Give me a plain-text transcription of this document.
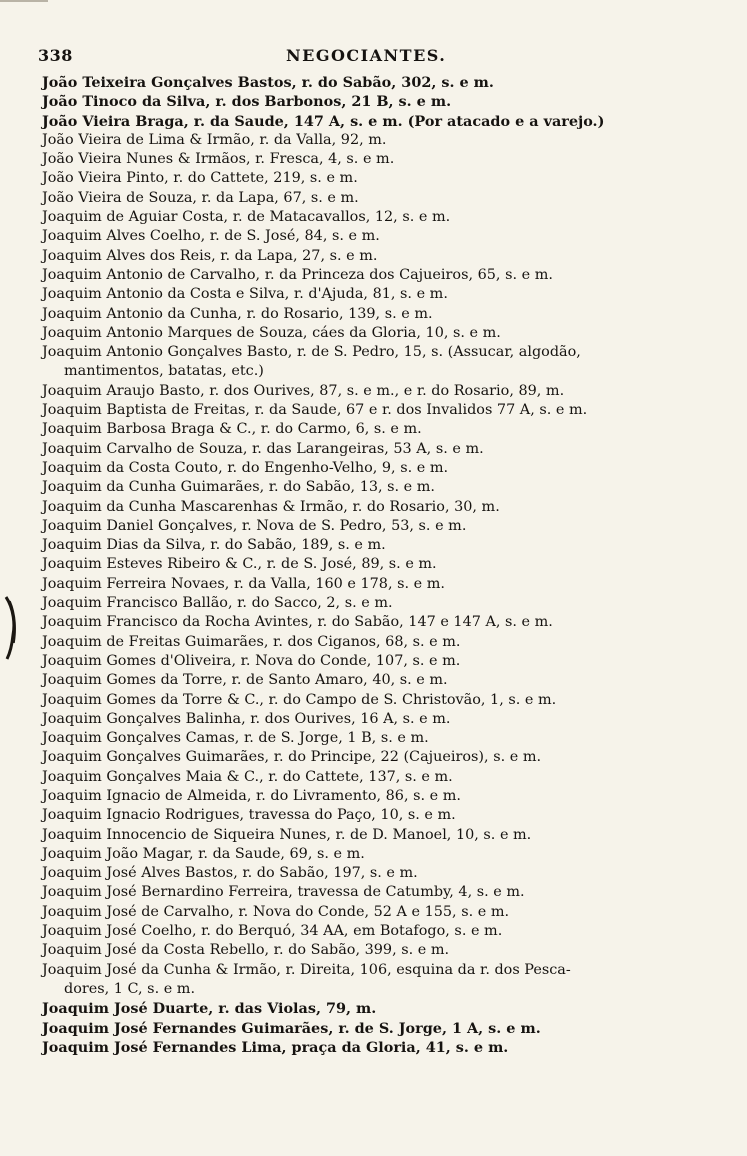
338	NEGOCIANTES.
João Teixeira Gonçalves Bastos, r. do Sabão, 302, s. e m.
João Tinoco da Silva, r. dos Barbonos, 21 B, s. e m.
João Vieira Braga, r. da Saude, 147 A, s. e m. (Por atacado e a varejo.)
João Vieira de Lima & Irmão, r. da Valla, 92, m.
João Vieira Nunes & Irmãos, r. Fresca, 4, s. e m.
João Vieira Pinto, r. do Cattete, 219, s. e m.
João Vieira de Souza, r. da Lapa, 67, s. e m.
Joaquim de Aguiar Costa, r. de Matacavallos, 12, s. e m.
Joaquim Alves Coelho, r. de S. José, 84, s. e m.
Joaquim Alves dos Reis, r. da Lapa, 27, s. e m.
Joaquim Antonio de Carvalho, r. da Princeza dos Cajueiros, 65, s. e m.
Joaquim Antonio da Costa e Silva, r. d'Ajuda, 81, s. e m.
Joaquim Antonio da Cunha, r. do Rosario, 139, s. e m.
Joaquim Antonio Marques de Souza, cáes da Gloria, 10, s. e m.
Joaquim Antonio Gonçalves Basto, r. de S. Pedro, 15, s. (Assucar, algodão,
mantimentos, batatas, etc.)
Joaquim Araujo Basto, r. dos Ourives, 87, s. e m., e r. do Rosario, 89, m.
Joaquim Baptista de Freitas, r. da Saude, 67 e r. dos Invalidos 77 A, s. e m.
Joaquim Barbosa Braga & C., r. do Carmo, 6, s. e m.
Joaquim Carvalho de Souza, r. das Larangeiras, 53 A, s. e m.
Joaquim da Costa Couto, r. do Engenho-Velho, 9, s. e m.
Joaquim da Cunha Guimarães, r. do Sabão, 13, s. e m.
Joaquim da Cunha Mascarenhas & Irmão, r. do Rosario, 30, m.
Joaquim Daniel Gonçalves, r. Nova de S. Pedro, 53, s. e m.
Joaquim Dias da Silva, r. do Sabão, 189, s. e m.
Joaquim Esteves Ribeiro & C., r. de S. José, 89, s. e m.
Joaquim Ferreira Novaes, r. da Valla, 160 e 178, s. e m.
Joaquim Francisco Ballão, r. do Sacco, 2, s. e m.
Joaquim Francisco da Rocha Avintes, r. do Sabão, 147 e 147 A, s. e m.
Joaquim de Freitas Guimarães, r. dos Ciganos, 68, s. e m.
Joaquim Gomes d'Oliveira, r. Nova do Conde, 107, s. e m.
Joaquim Gomes da Torre, r. de Santo Amaro, 40, s. e m.
Joaquim Gomes da Torre & C., r. do Campo de S. Christovão, 1, s. e m.
Joaquim Gonçalves Balinha, r. dos Ourives, 16 A, s. e m.
Joaquim Gonçalves Camas, r. de S. Jorge, 1 B, s. e m.
Joaquim Gonçalves Guimarães, r. do Principe, 22 (Cajueiros), s. e m.
Joaquim Gonçalves Maia & C., r. do Cattete, 137, s. e m.
Joaquim Ignacio de Almeida, r. do Livramento, 86, s. e m.
Joaquim Ignacio Rodrigues, travessa do Paço, 10, s. e m.
Joaquim Innocencio de Siqueira Nunes, r. de D. Manoel, 10, s. e m.
Joaquim João Magar, r. da Saude, 69, s. e m.
Joaquim José Alves Bastos, r. do Sabão, 197, s. e m.
Joaquim José Bernardino Ferreira, travessa de Catumby, 4, s. e m.
Joaquim José de Carvalho, r. Nova do Conde, 52 A e 155, s. e m.
Joaquim José Coelho, r. do Berquó, 34 AA, em Botafogo, s. e m.
Joaquim José da Costa Rebello, r. do Sabão, 399, s. e m.
Joaquim José da Cunha & Irmão, r. Direita, 106, esquina da r. dos Pesca-
dores, 1 C, s. e m.
Joaquim José Duarte, r. das Violas, 79, m.
Joaquim José Fernandes Guimarães, r. de S. Jorge, 1 A, s. e m.
Joaquim José Fernandes Lima, praça da Gloria, 41, s. e m.
